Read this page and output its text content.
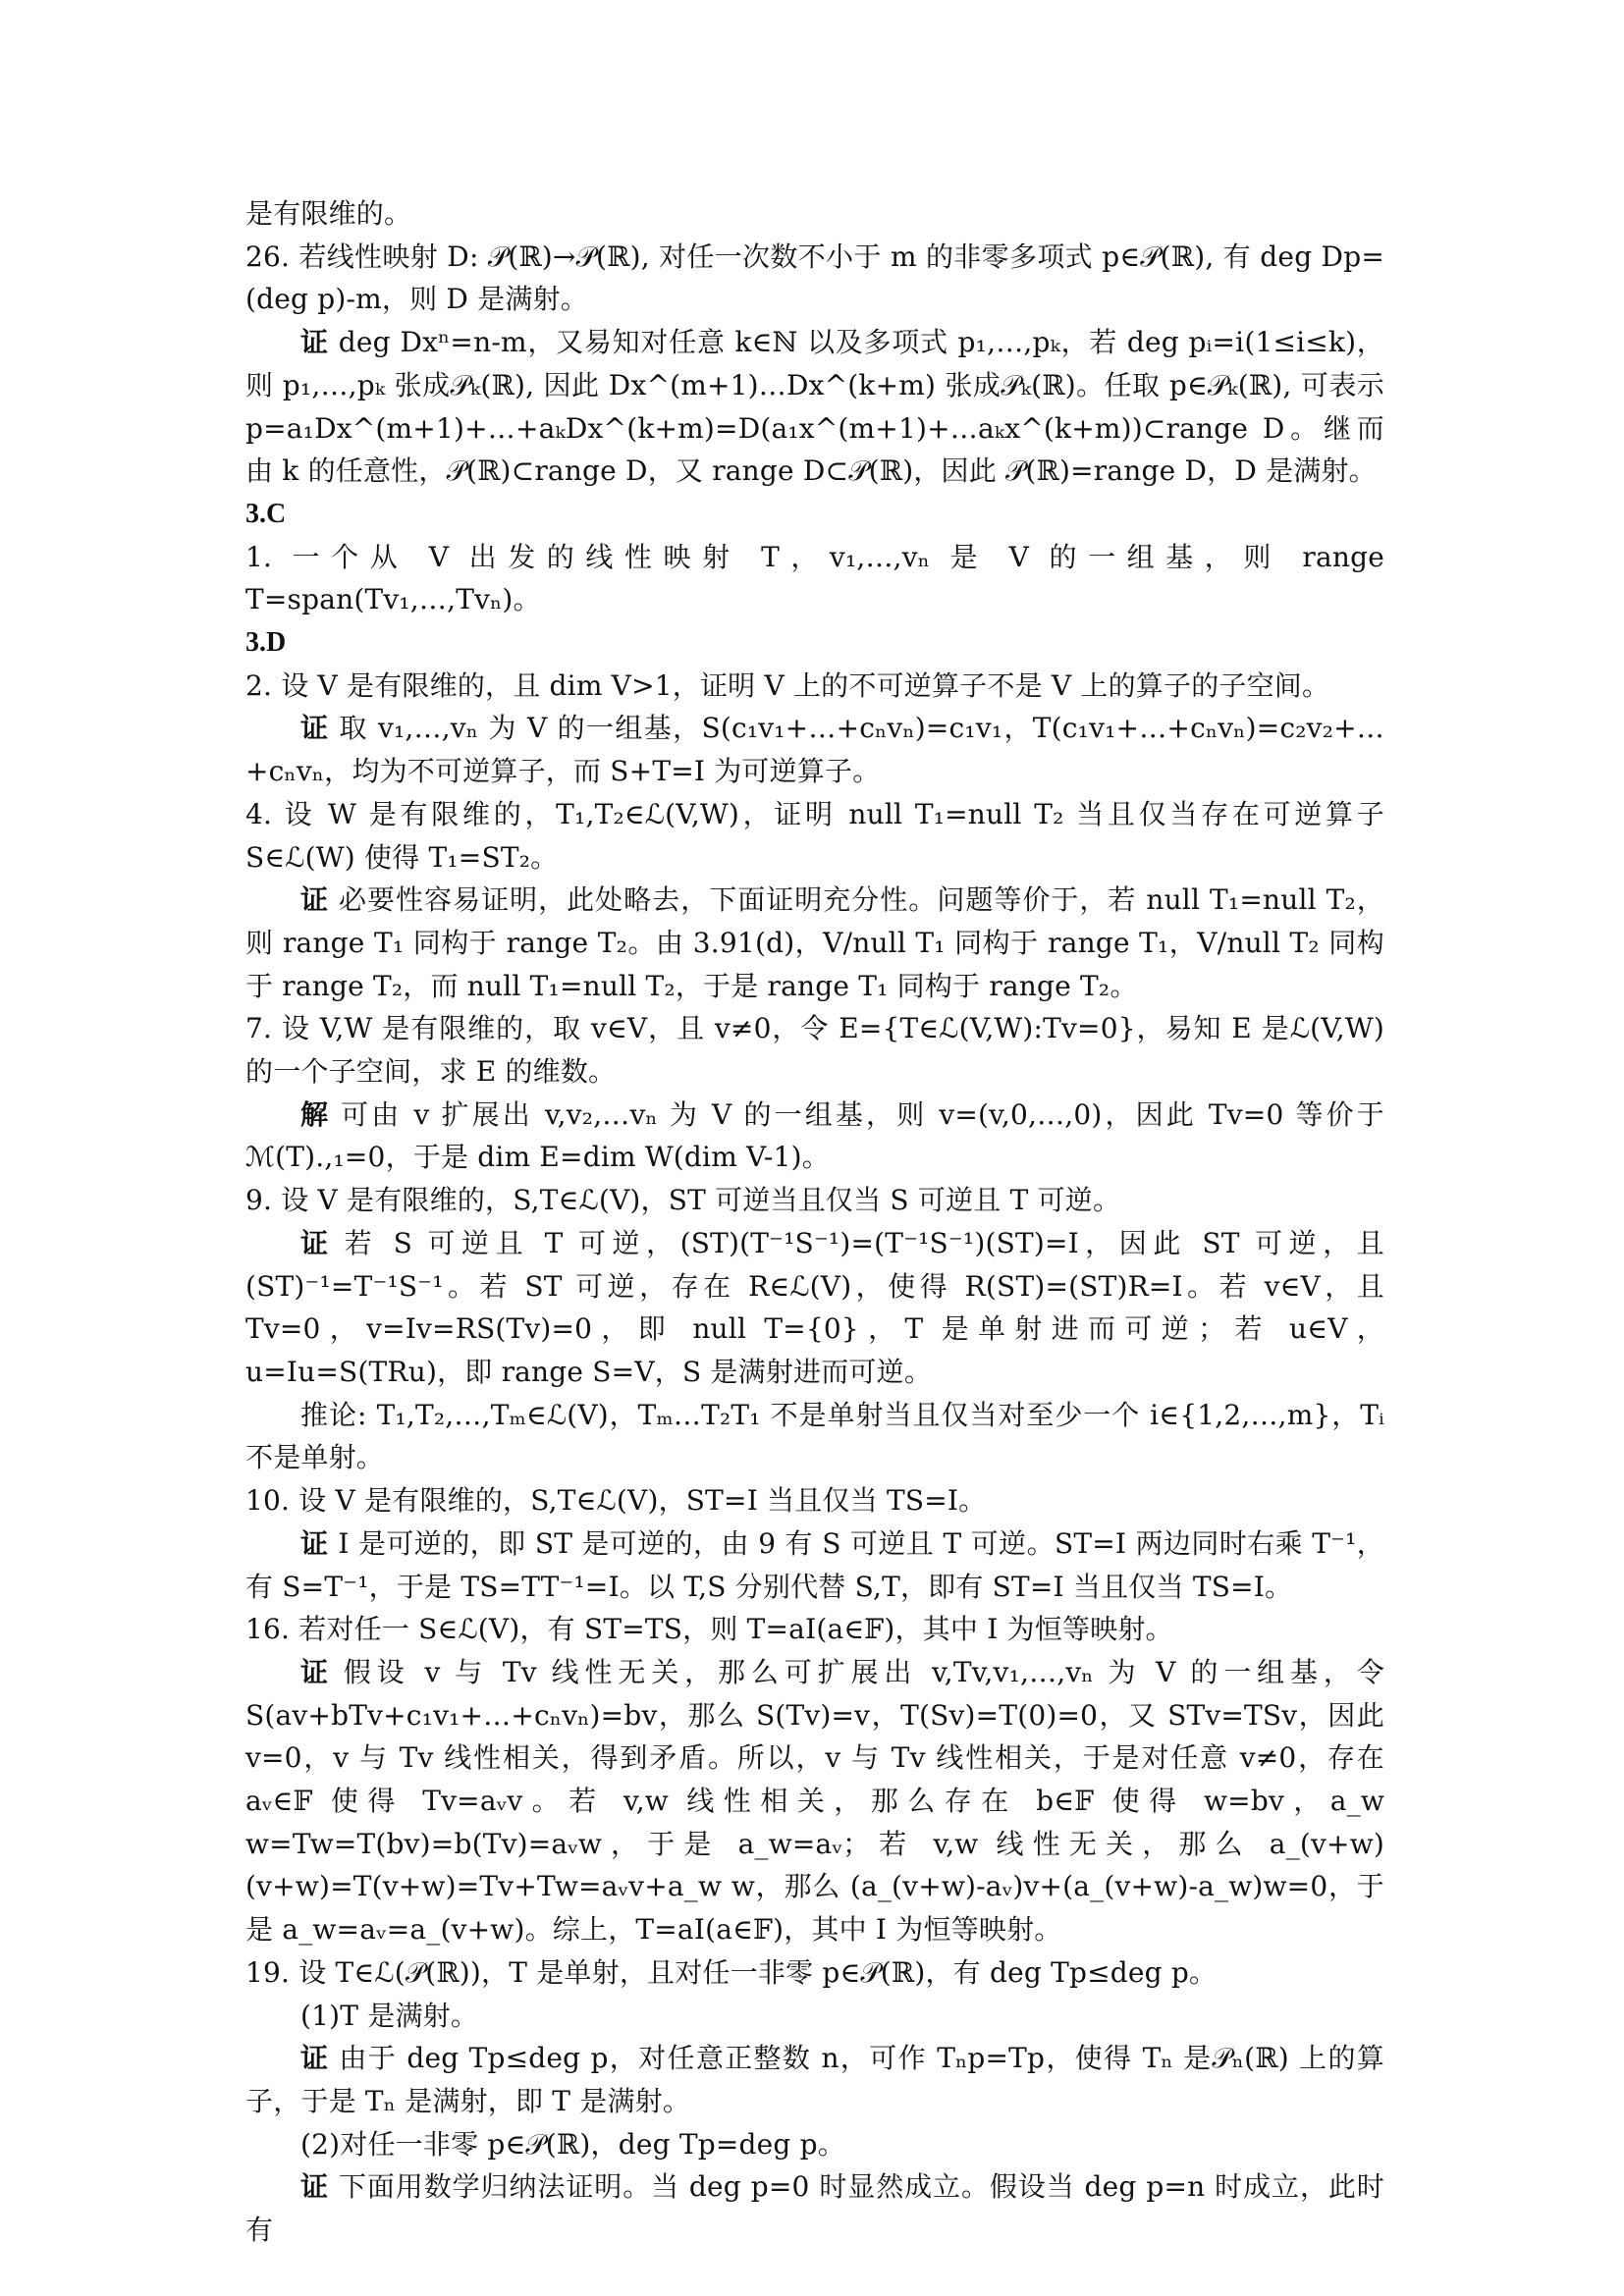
是有限维的。

26. 若线性映射 D: 𝒫(ℝ)→𝒫(ℝ), 对任一次数不小于 m 的非零多项式 p∈𝒫(ℝ), 有 deg Dp=(deg p)-m，则 D 是满射。

证 deg Dxⁿ=n-m，又易知对任意 k∈ℕ 以及多项式 p₁,…,pₖ，若 deg pᵢ=i(1≤i≤k)，则 p₁,…,pₖ 张成𝒫ₖ(ℝ), 因此 Dx^(m+1)…Dx^(k+m) 张成𝒫ₖ(ℝ)。任取 p∈𝒫ₖ(ℝ), 可表示 p=a₁Dx^(m+1)+…+aₖDx^(k+m)=D(a₁x^(m+1)+…aₖx^(k+m))⊂range D。继而由 k 的任意性，𝒫(ℝ)⊂range D，又 range D⊂𝒫(ℝ)，因此 𝒫(ℝ)=range D，D 是满射。

3.C

1. 一个从 V 出发的线性映射 T，v₁,…,vₙ 是 V 的一组基，则 range T=span(Tv₁,…,Tvₙ)。

3.D

2. 设 V 是有限维的，且 dim V>1，证明 V 上的不可逆算子不是 V 上的算子的子空间。

证 取 v₁,…,vₙ 为 V 的一组基，S(c₁v₁+…+cₙvₙ)=c₁v₁，T(c₁v₁+…+cₙvₙ)=c₂v₂+…+cₙvₙ，均为不可逆算子，而 S+T=I 为可逆算子。

4. 设 W 是有限维的，T₁,T₂∈ℒ(V,W)，证明 null T₁=null T₂ 当且仅当存在可逆算子 S∈ℒ(W) 使得 T₁=ST₂。

证 必要性容易证明，此处略去，下面证明充分性。问题等价于，若 null T₁=null T₂，则 range T₁ 同构于 range T₂。由 3.91(d)，V/null T₁ 同构于 range T₁，V/null T₂ 同构于 range T₂，而 null T₁=null T₂，于是 range T₁ 同构于 range T₂。

7. 设 V,W 是有限维的，取 v∈V，且 v≠0，令 E={T∈ℒ(V,W):Tv=0}，易知 E 是ℒ(V,W) 的一个子空间，求 E 的维数。

解 可由 v 扩展出 v,v₂,…vₙ 为 V 的一组基，则 v=(v,0,…,0)，因此 Tv=0 等价于ℳ(T).,₁=0，于是 dim E=dim W(dim V-1)。

9. 设 V 是有限维的，S,T∈ℒ(V)，ST 可逆当且仅当 S 可逆且 T 可逆。

证 若 S 可逆且 T 可逆，(ST)(T⁻¹S⁻¹)=(T⁻¹S⁻¹)(ST)=I，因此 ST 可逆，且(ST)⁻¹=T⁻¹S⁻¹。若 ST 可逆，存在 R∈ℒ(V)，使得 R(ST)=(ST)R=I。若 v∈V，且 Tv=0，v=Iv=RS(Tv)=0，即 null T={0}，T 是单射进而可逆；若 u∈V，u=Iu=S(TRu)，即 range S=V，S 是满射进而可逆。

推论: T₁,T₂,…,Tₘ∈ℒ(V)，Tₘ…T₂T₁ 不是单射当且仅当对至少一个 i∈{1,2,…,m}，Tᵢ 不是单射。

10. 设 V 是有限维的，S,T∈ℒ(V)，ST=I 当且仅当 TS=I。

证 I 是可逆的，即 ST 是可逆的，由 9 有 S 可逆且 T 可逆。ST=I 两边同时右乘 T⁻¹，有 S=T⁻¹，于是 TS=TT⁻¹=I。以 T,S 分别代替 S,T，即有 ST=I 当且仅当 TS=I。

16. 若对任一 S∈ℒ(V)，有 ST=TS，则 T=aI(a∈𝔽)，其中 I 为恒等映射。

证 假设 v 与 Tv 线性无关，那么可扩展出 v,Tv,v₁,…,vₙ 为 V 的一组基，令 S(av+bTv+c₁v₁+…+cₙvₙ)=bv，那么 S(Tv)=v，T(Sv)=T(0)=0，又 STv=TSv，因此 v=0，v 与 Tv 线性相关，得到矛盾。所以，v 与 Tv 线性相关，于是对任意 v≠0，存在 aᵥ∈𝔽 使得 Tv=aᵥv。若 v,w 线性相关，那么存在 b∈𝔽 使得 w=bv，a_w w=Tw=T(bv)=b(Tv)=aᵥw，于是 a_w=aᵥ；若 v,w 线性无关，那么 a_(v+w)(v+w)=T(v+w)=Tv+Tw=aᵥv+a_w w，那么 (a_(v+w)-aᵥ)v+(a_(v+w)-a_w)w=0，于是 a_w=aᵥ=a_(v+w)。综上，T=aI(a∈𝔽)，其中 I 为恒等映射。

19. 设 T∈ℒ(𝒫(ℝ))，T 是单射，且对任一非零 p∈𝒫(ℝ)，有 deg Tp≤deg p。

(1)T 是满射。

证 由于 deg Tp≤deg p，对任意正整数 n，可作 Tₙp=Tp，使得 Tₙ 是𝒫ₙ(ℝ) 上的算子，于是 Tₙ 是满射，即 T 是满射。

(2)对任一非零 p∈𝒫(ℝ)，deg Tp=deg p。

证 下面用数学归纳法证明。当 deg p=0 时显然成立。假设当 deg p=n 时成立，此时有
